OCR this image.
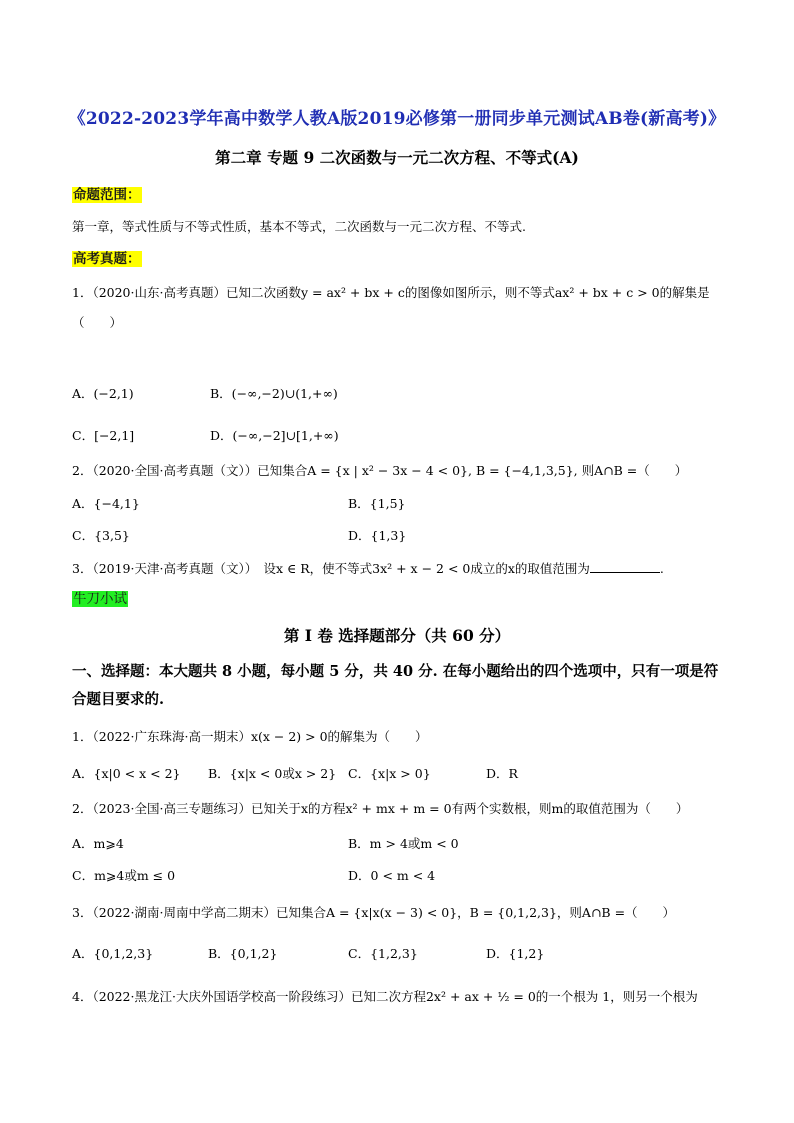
《2022-2023学年高中数学人教A版2019必修第一册同步单元测试AB卷(新高考)》
第二章 专题 9 二次函数与一元二次方程、不等式(A)
命题范围：
第一章，等式性质与不等式性质，基本不等式，二次函数与一元二次方程、不等式.
高考真题：
1．（2020·山东·高考真题）已知二次函数y = ax² + bx + c的图像如图所示，则不等式ax² + bx + c > 0的解集是
（　　）
A．(−2,1)	B．(−∞,−2)∪(1,+∞)
C．[−2,1]	D．(−∞,−2]∪[1,+∞)
2．（2020·全国·高考真题（文））已知集合A = {x | x² − 3x − 4 < 0}, B = {−4,1,3,5}, 则A∩B =（　　）
A．{−4,1}	B．{1,5}
C．{3,5}	D．{1,3}
3．（2019·天津·高考真题（文））　设x ∈ R，使不等式3x² + x − 2 < 0成立的x的取值范围为	.
牛刀小试
第 I 卷 选择题部分（共 60 分）
一、选择题：本大题共 8 小题，每小题 5 分，共 40 分. 在每小题给出的四个选项中，只有一项是符合题目要求的.
1．（2022·广东珠海·高一期末）x(x − 2) > 0的解集为（　　）
A．{x|0 < x < 2} B．{x|x < 0或x > 2} C．{x|x > 0}	D．R
2．（2023·全国·高三专题练习）已知关于x的方程x² + mx + m = 0有两个实数根，则m的取值范围为（　　）
A．m⩾4	B．m > 4或m < 0
C．m⩾4或m ≤ 0	D．0 < m < 4
3．（2022·湖南·周南中学高二期末）已知集合A = {x|x(x − 3) < 0}，B = {0,1,2,3}，则A∩B =（　　）
A．{0,1,2,3}	B．{0,1,2}	C．{1,2,3}	D．{1,2}
4．（2022·黑龙江·大庆外国语学校高一阶段练习）已知二次方程2x² + ax + ½ = 0的一个根为 1，则另一个根为
